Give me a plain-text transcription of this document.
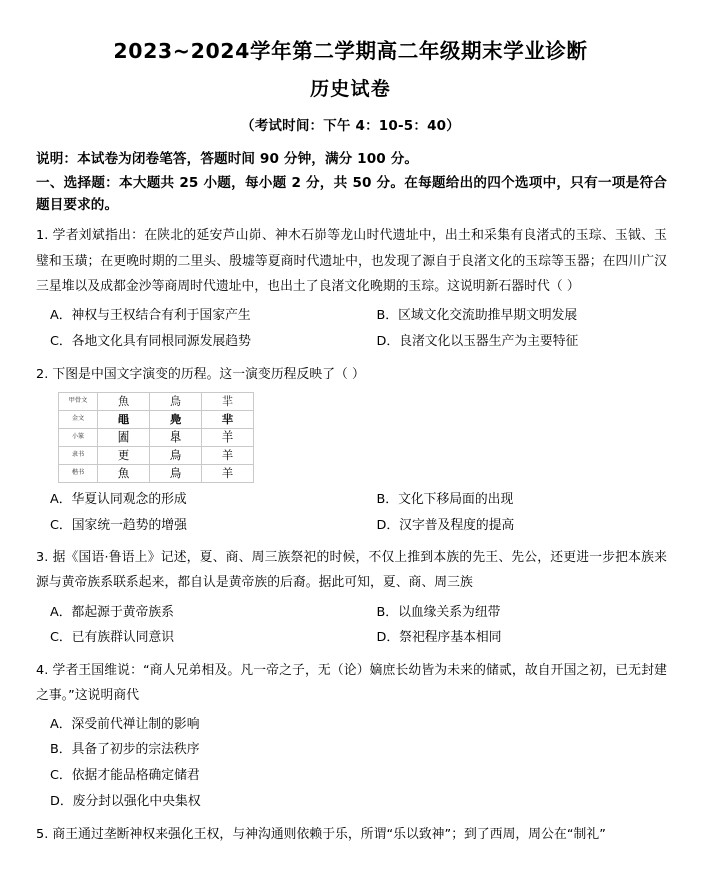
2023~2024学年第二学期高二年级期末学业诊断
历史试卷

（考试时间：下午 4：10-5：40）

说明：本试卷为闭卷笔答，答题时间 90 分钟，满分 100 分。

一、选择题：本大题共 25 小题，每小题 2 分，共 50 分。在每题给出的四个选项中，只有一项是符合题目要求的。

1. 学者刘斌指出：在陕北的延安芦山峁、神木石峁等龙山时代遗址中，出土和采集有良渚式的玉琮、玉钺、玉璧和玉璜；在更晚时期的二里头、殷墟等夏商时代遗址中，也发现了源自于良渚文化的玉琮等玉器；在四川广汉三星堆以及成都金沙等商周时代遗址中，也出土了良渚文化晚期的玉琮。这说明新石器时代（ ）

A．神权与王权结合有利于国家产生	B．区域文化交流助推早期文明发展
C．各地文化具有同根同源发展趋势	D．良渚文化以玉器生产为主要特征

2. 下图是中国文字演变的历程。这一演变历程反映了（ ）

甲骨文	魚	鳥	羋
金文	黽	鳧	芈
小篆	圔	臯	羊
隶书	更	鳥	羊
楷书	魚	鳥	羊
A．华夏认同观念的形成	B．文化下移局面的出现
C．国家统一趋势的增强	D．汉字普及程度的提高

3. 据《国语·鲁语上》记述，夏、商、周三族祭祀的时候，不仅上推到本族的先王、先公，还更进一步把本族来源与黄帝族系联系起来，都自认是黄帝族的后裔。据此可知，夏、商、周三族

A．都起源于黄帝族系	B．以血缘关系为纽带
C．已有族群认同意识	D．祭祀程序基本相同

4. 学者王国维说：“商人兄弟相及。凡一帝之子，无（论）嫡庶长幼皆为未来的储贰，故自开国之初，已无封建之事。”这说明商代

A．深受前代禅让制的影响
B．具备了初步的宗法秩序
C．依据才能品格确定储君
D．废分封以强化中央集权

5. 商王通过垄断神权来强化王权，与神沟通则依赖于乐，所谓“乐以致神”；到了西周，周公在“制礼”
